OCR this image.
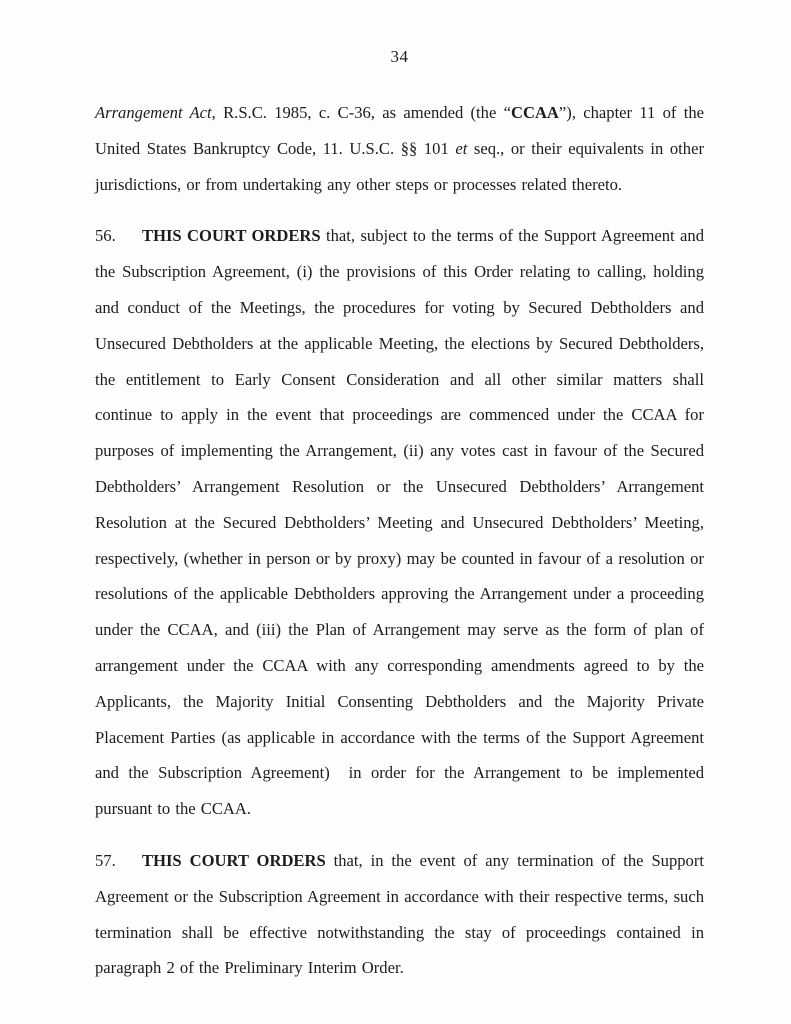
34

Arrangement Act, R.S.C. 1985, c. C-36, as amended (the “CCAA”), chapter 11 of the United States Bankruptcy Code, 11. U.S.C. §§ 101 et seq., or their equivalents in other jurisdictions, or from undertaking any other steps or processes related thereto.

56. THIS COURT ORDERS that, subject to the terms of the Support Agreement and the Subscription Agreement, (i) the provisions of this Order relating to calling, holding and conduct of the Meetings, the procedures for voting by Secured Debtholders and Unsecured Debtholders at the applicable Meeting, the elections by Secured Debtholders, the entitlement to Early Consent Consideration and all other similar matters shall continue to apply in the event that proceedings are commenced under the CCAA for purposes of implementing the Arrangement, (ii) any votes cast in favour of the Secured Debtholders’ Arrangement Resolution or the Unsecured Debtholders’ Arrangement Resolution at the Secured Debtholders’ Meeting and Unsecured Debtholders’ Meeting, respectively, (whether in person or by proxy) may be counted in favour of a resolution or resolutions of the applicable Debtholders approving the Arrangement under a proceeding under the CCAA, and (iii) the Plan of Arrangement may serve as the form of plan of arrangement under the CCAA with any corresponding amendments agreed to by the Applicants, the Majority Initial Consenting Debtholders and the Majority Private Placement Parties (as applicable in accordance with the terms of the Support Agreement and the Subscription Agreement)  in order for the Arrangement to be implemented pursuant to the CCAA.

57. THIS COURT ORDERS that, in the event of any termination of the Support Agreement or the Subscription Agreement in accordance with their respective terms, such termination shall be effective notwithstanding the stay of proceedings contained in paragraph 2 of the Preliminary Interim Order.
